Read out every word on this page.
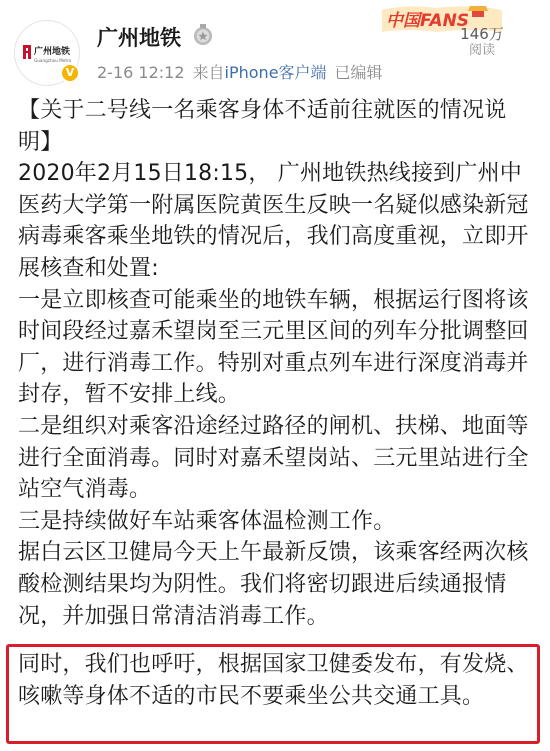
广州地铁
Guangzhou Metro
V
广州地铁
2-16 12:12 来自iPhone客户端 已编辑
中国FANS
146万
阅读

【关于二号线一名乘客身体不适前往就医的情况说明】

2020年2月15日18:15， 广州地铁热线接到广州中医药大学第一附属医院黄医生反映一名疑似感染新冠病毒乘客乘坐地铁的情况后，我们高度重视，立即开展核查和处置:

一是立即核查可能乘坐的地铁车辆，根据运行图将该时间段经过嘉禾望岗至三元里区间的列车分批调整回厂，进行消毒工作。特别对重点列车进行深度消毒并封存，暂不安排上线。

二是组织对乘客沿途经过路径的闸机、扶梯、地面等进行全面消毒。同时对嘉禾望岗站、三元里站进行全站空气消毒。

三是持续做好车站乘客体温检测工作。

据白云区卫健局今天上午最新反馈，该乘客经两次核酸检测结果均为阴性。我们将密切跟进后续通报情况，并加强日常清洁消毒工作。

同时，我们也呼吁，根据国家卫健委发布，有发烧、咳嗽等身体不适的市民不要乘坐公共交通工具。
